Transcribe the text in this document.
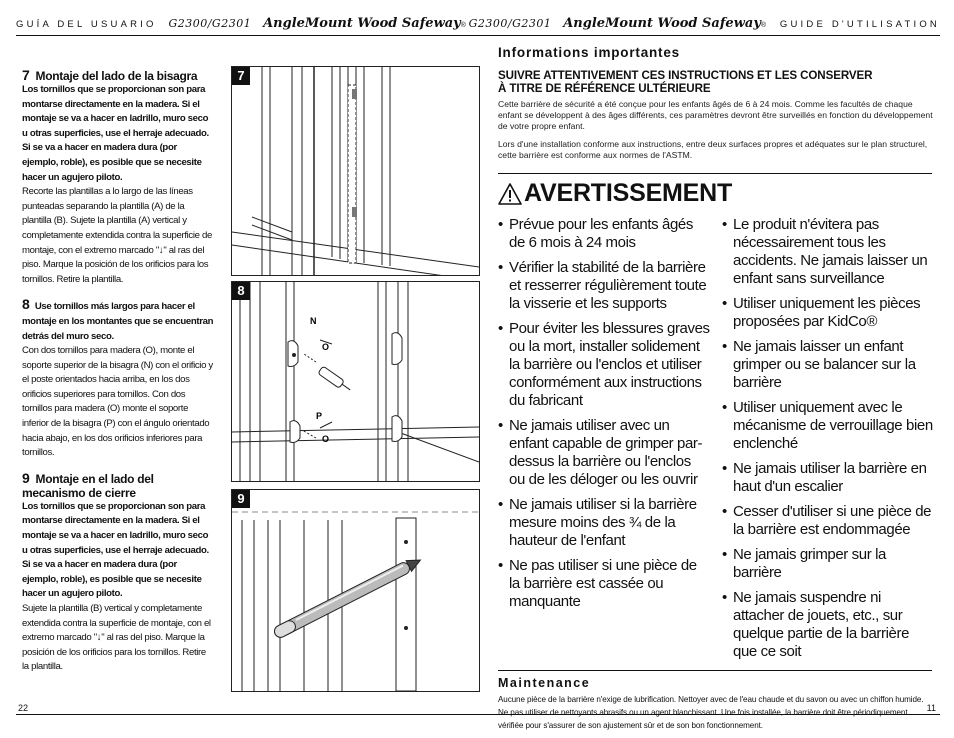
GUÍA DEL USUARIO G2300/G2301 AngleMount Wood Safeway® G2300/G2301 AngleMount Wood Safeway® GUIDE D'UTILISATION
7 Montaje del lado de la bisagra
Los tornillos que se proporcionan son para montarse directamente en la madera. Si el montaje se va a hacer en ladrillo, muro seco u otras superficies, use el herraje adecuado. Si se va a hacer en madera dura (por ejemplo, roble), es posible que se necesite hacer un agujero piloto.
Recorte las plantillas a lo largo de las líneas punteadas separando la plantilla (A) de la plantilla (B). Sujete la plantilla (A) vertical y completamente extendida contra la superficie de montaje, con el extremo marcado "↓" al ras del piso. Marque la posición de los orificios para los tornillos. Retire la plantilla.
8 Use tornillos más largos para hacer el montaje en los montantes que se encuentran detrás del muro seco.
Con dos tornillos para madera (O), monte el soporte superior de la bisagra (N) con el orificio y el poste orientados hacia arriba, en los dos orificios superiores para tornillos. Con dos tornillos para madera (O) monte el soporte inferior de la bisagra (P) con el ángulo orientado hacia abajo, en los dos orificios inferiores para tornillos.
9 Montaje en el lado del mecanismo de cierre
Los tornillos que se proporcionan son para montarse directamente en la madera. Si el montaje se va a hacer en ladrillo, muro seco u otras superficies, use el herraje adecuado. Si se va a hacer en madera dura (por ejemplo, roble), es posible que se necesite hacer un agujero piloto.
Sujete la plantilla (B) vertical y completamente extendida contra la superficie de montaje, con el extremo marcado "↓" al ras del piso. Marque la posición de los orificios para los tornillos. Retire la plantilla.
7
N
O
P
O
8
9
Informations importantes
SUIVRE ATTENTIVEMENT CES INSTRUCTIONS ET LES CONSERVER
À TITRE DE RÉFÉRENCE ULTÉRIEURE
Cette barrière de sécurité a été conçue pour les enfants âgés de 6 à 24 mois. Comme les facultés de chaque enfant se développent à des âges différents, ces paramètres devront être surveillés en fonction du développement de votre propre enfant.
Lors d'une installation conforme aux instructions, entre deux surfaces propres et adéquates sur le plan structurel, cette barrière est conforme aux normes de l'ASTM.
AVERTISSEMENT
• Prévue pour les enfants âgés de 6 mois à 24 mois
• Vérifier la stabilité de la barrière et resserrer régulièrement toute la visserie et les supports
• Pour éviter les blessures graves ou la mort, installer solidement la barrière ou l'enclos et utiliser conformément aux instructions du fabricant
• Ne jamais utiliser avec un enfant capable de grimper par-dessus la barrière ou l'enclos ou de les déloger ou les ouvrir
• Ne jamais utiliser si la barrière mesure moins des ¾ de la hauteur de l'enfant
• Ne pas utiliser si une pièce de la barrière est cassée ou manquante
• Le produit n'évitera pas nécessairement tous les accidents. Ne jamais laisser un enfant sans surveillance
• Utiliser uniquement les pièces proposées par KidCo®
• Ne jamais laisser un enfant grimper ou se balancer sur la barrière
• Utiliser uniquement avec le mécanisme de verrouillage bien enclenché
• Ne jamais utiliser la barrière en haut d'un escalier
• Cesser d'utiliser si une pièce de la barrière est endommagée
• Ne jamais grimper sur la barrière
• Ne jamais suspendre ni attacher de jouets, etc., sur quelque partie de la barrière que ce soit
Maintenance
Aucune pièce de la barrière n'exige de lubrification. Nettoyer avec de l'eau chaude et du savon ou avec un chiffon humide. Ne pas utiliser de nettoyants abrasifs ou un agent blanchissant. Une fois installée, la barrière doit être périodiquement vérifiée pour s'assurer de son ajustement sûr et de son bon fonctionnement.
22	11
